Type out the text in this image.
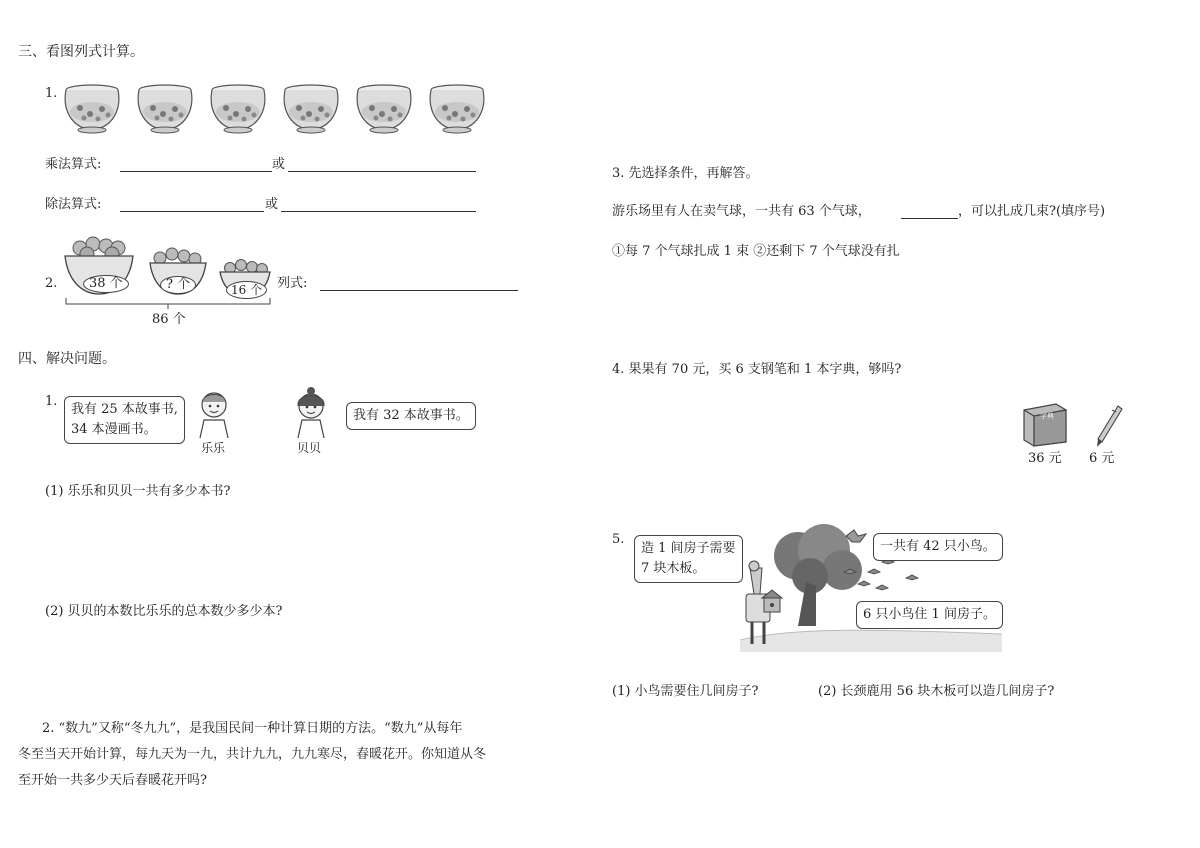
三、看图列式计算。
1.
乘法算式:	或
除法算式:	或
2.	38 个	? 个	16 个
86 个
列式:
四、解决问题。
1.
我有 25 本故事书,
34 本漫画书。
乐乐	贝贝
我有 32 本故事书。
(1) 乐乐和贝贝一共有多少本书?
(2) 贝贝的本数比乐乐的总本数少多少本?
2. “数九”又称“冬九九”，是我国民间一种计算日期的方法。“数九”从每年
冬至当天开始计算，每九天为一九，共计九九，九九寒尽，春暖花开。你知道从冬
至开始一共多少天后春暖花开吗?
3. 先选择条件，再解答。
游乐场里有人在卖气球，一共有 63 个气球，	，可以扎成几束?(填序号)
①每 7 个气球扎成 1 束 ②还剩下 7 个气球没有扎
4. 果果有 70 元，买 6 支钢笔和 1 本字典，够吗?
字典
36 元 6 元
5.
造 1 间房子需要
7 块木板。
一共有 42 只小鸟。
6 只小鸟住 1 间房子。
(1) 小鸟需要住几间房子?	(2) 长颈鹿用 56 块木板可以造几间房子?
